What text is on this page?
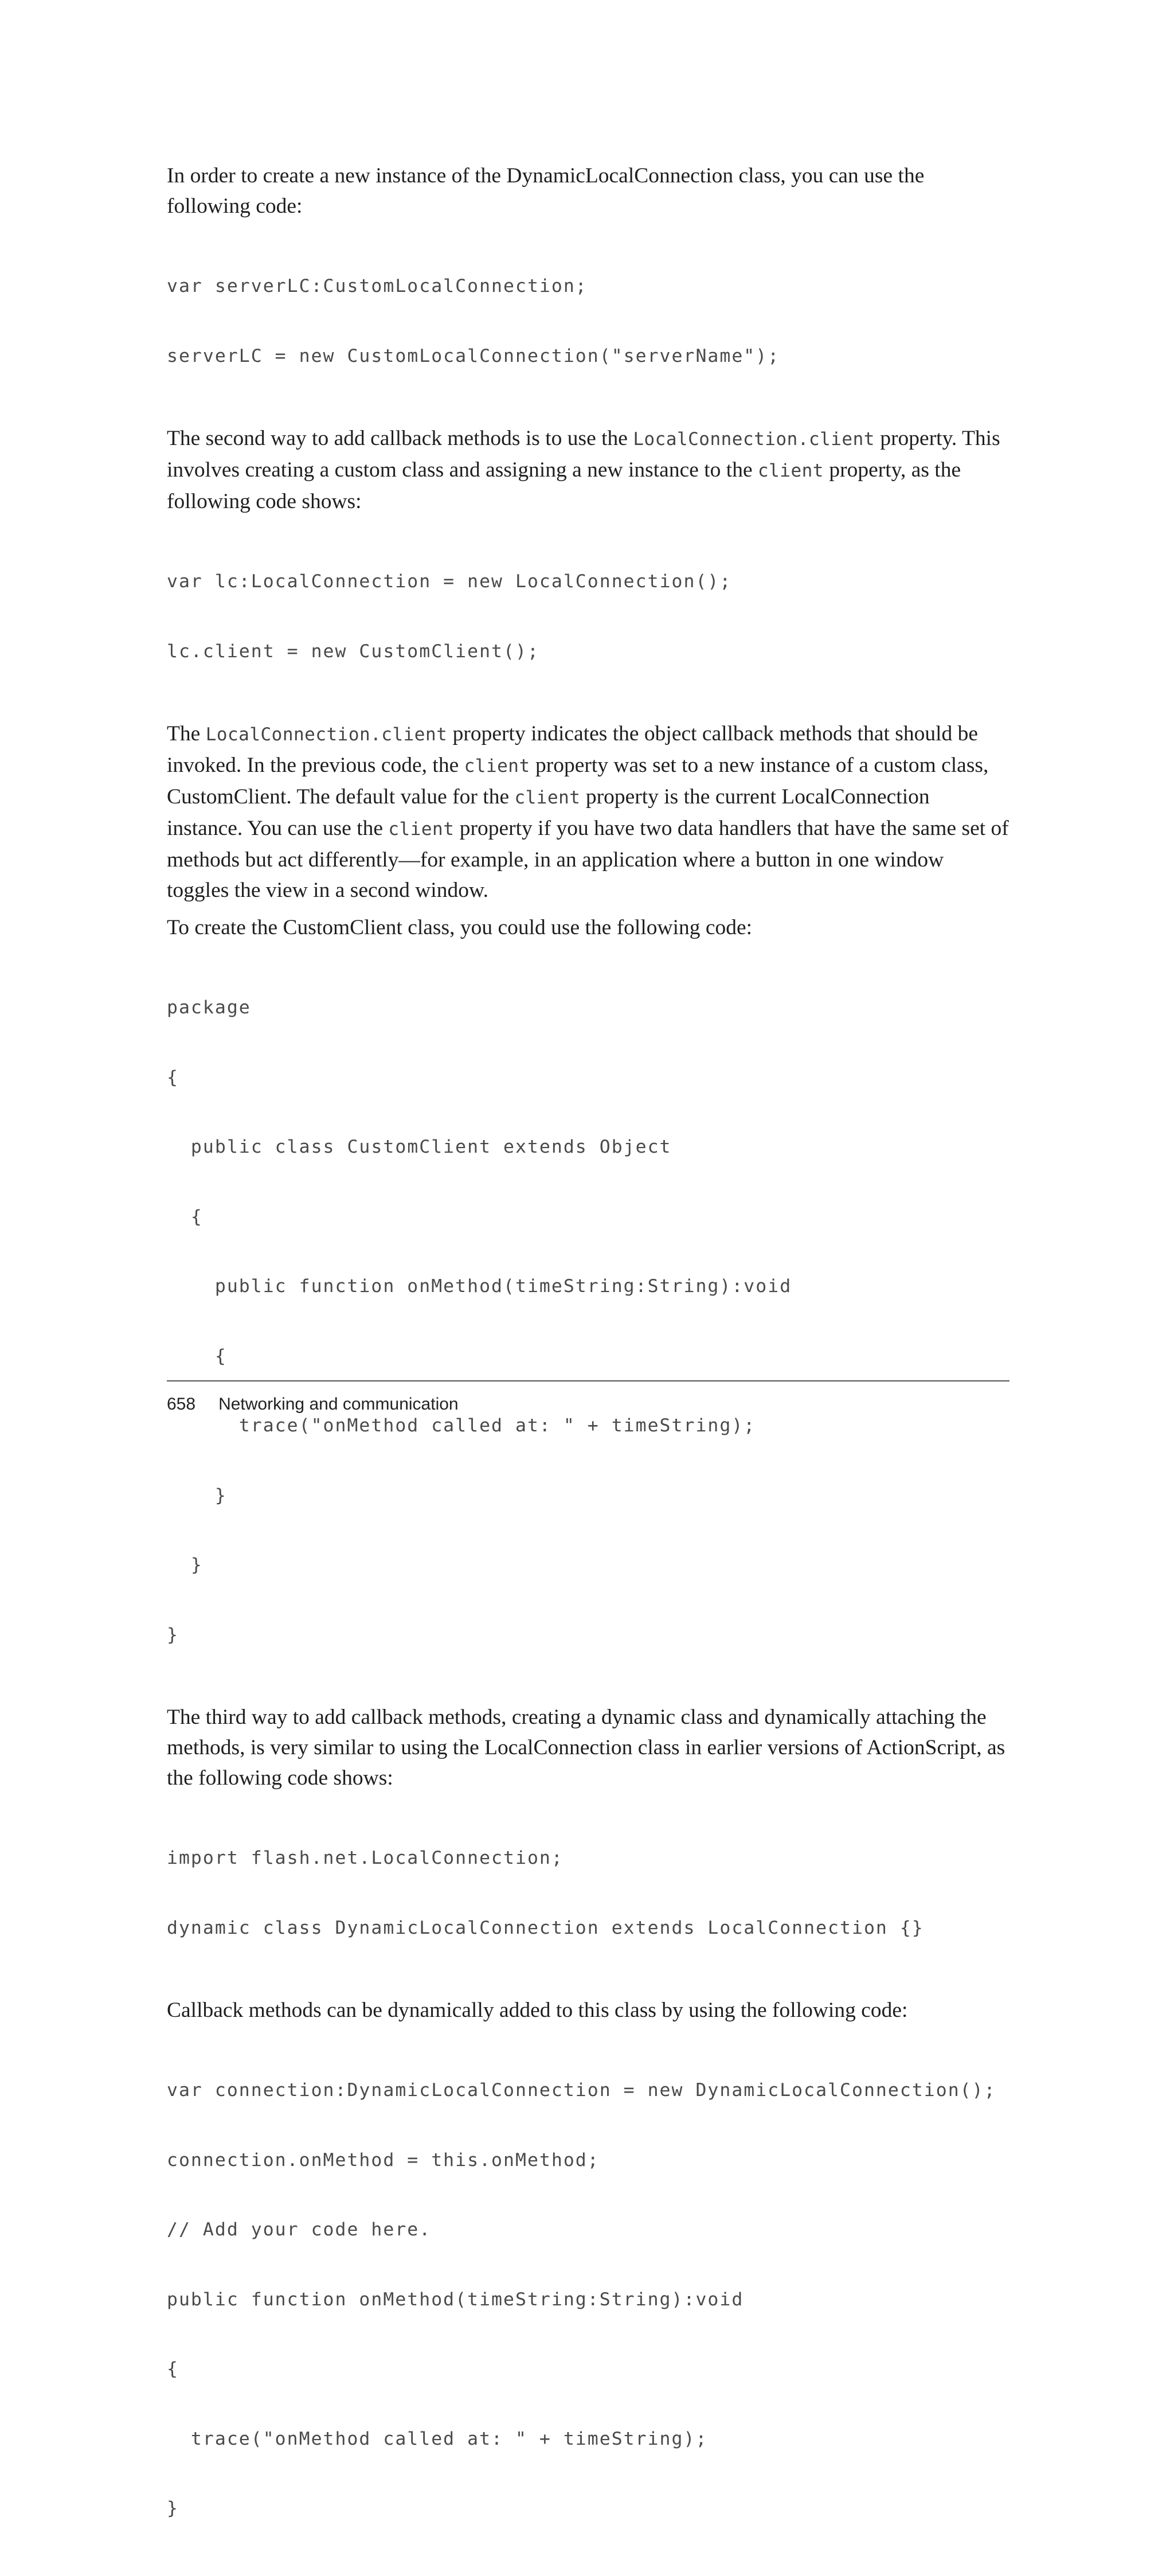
In order to create a new instance of the DynamicLocalConnection class, you can use the following code:

var serverLC:CustomLocalConnection;

serverLC = new CustomLocalConnection("serverName");

The second way to add callback methods is to use the LocalConnection.client property. This involves creating a custom class and assigning a new instance to the client property, as the following code shows:

var lc:LocalConnection = new LocalConnection();

lc.client = new CustomClient();

The LocalConnection.client property indicates the object callback methods that should be invoked. In the previous code, the client property was set to a new instance of a custom class, CustomClient. The default value for the client property is the current LocalConnection instance. You can use the client property if you have two data handlers that have the same set of methods but act differently—for example, in an application where a button in one window toggles the view in a second window.

To create the CustomClient class, you could use the following code:

package

{

public class CustomClient extends Object

{

public function onMethod(timeString:String):void

{

trace("onMethod called at: " + timeString);

}

}

}

The third way to add callback methods, creating a dynamic class and dynamically attaching the methods, is very similar to using the LocalConnection class in earlier versions of ActionScript, as the following code shows:

import flash.net.LocalConnection;

dynamic class DynamicLocalConnection extends LocalConnection {}

Callback methods can be dynamically added to this class by using the following code:

var connection:DynamicLocalConnection = new DynamicLocalConnection();

connection.onMethod = this.onMethod;

// Add your code here.

public function onMethod(timeString:String):void

{

trace("onMethod called at: " + timeString);

}

658 Networking and communication
